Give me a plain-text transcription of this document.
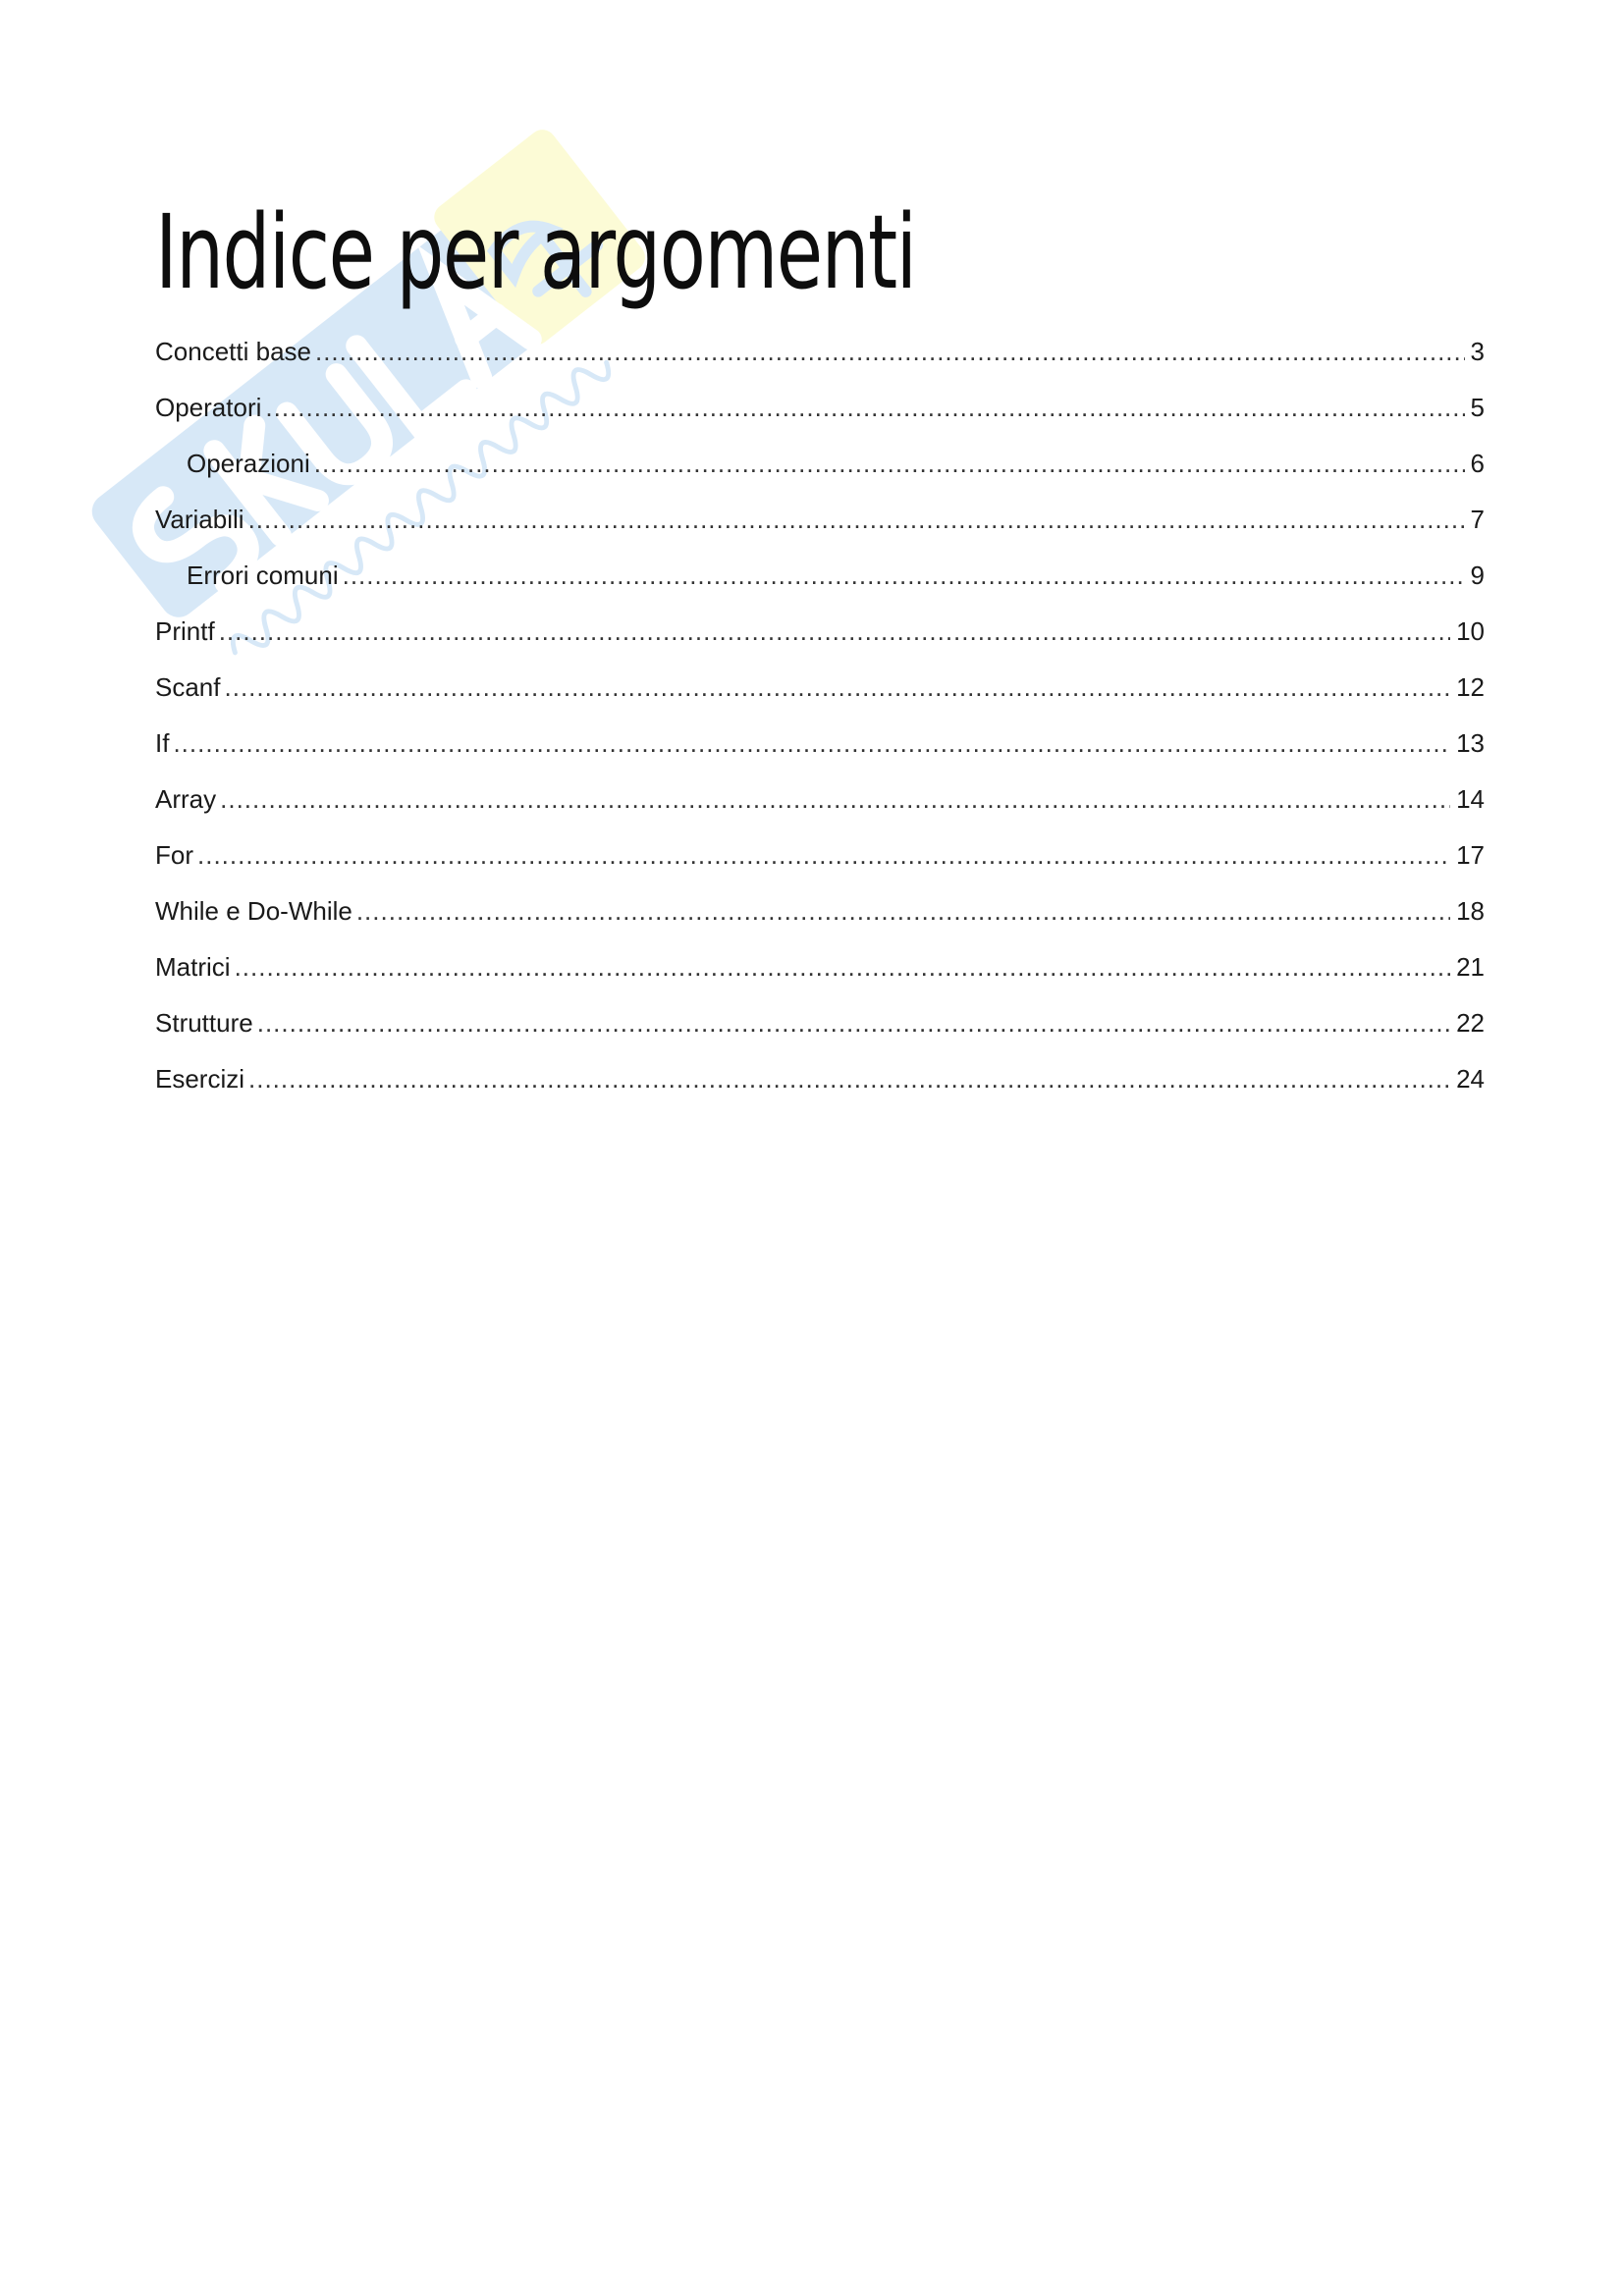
Indice per argomenti
Concetti base .....	3
Operatori .....	5
Operazioni .....	6
Variabili .....	7
Errori comuni .....	9
Printf .....	10
Scanf .....	12
If .....	13
Array .....	14
For .....	17
While e Do-While .....	18
Matrici .....	21
Strutture .....	22
Esercizi .....	24
